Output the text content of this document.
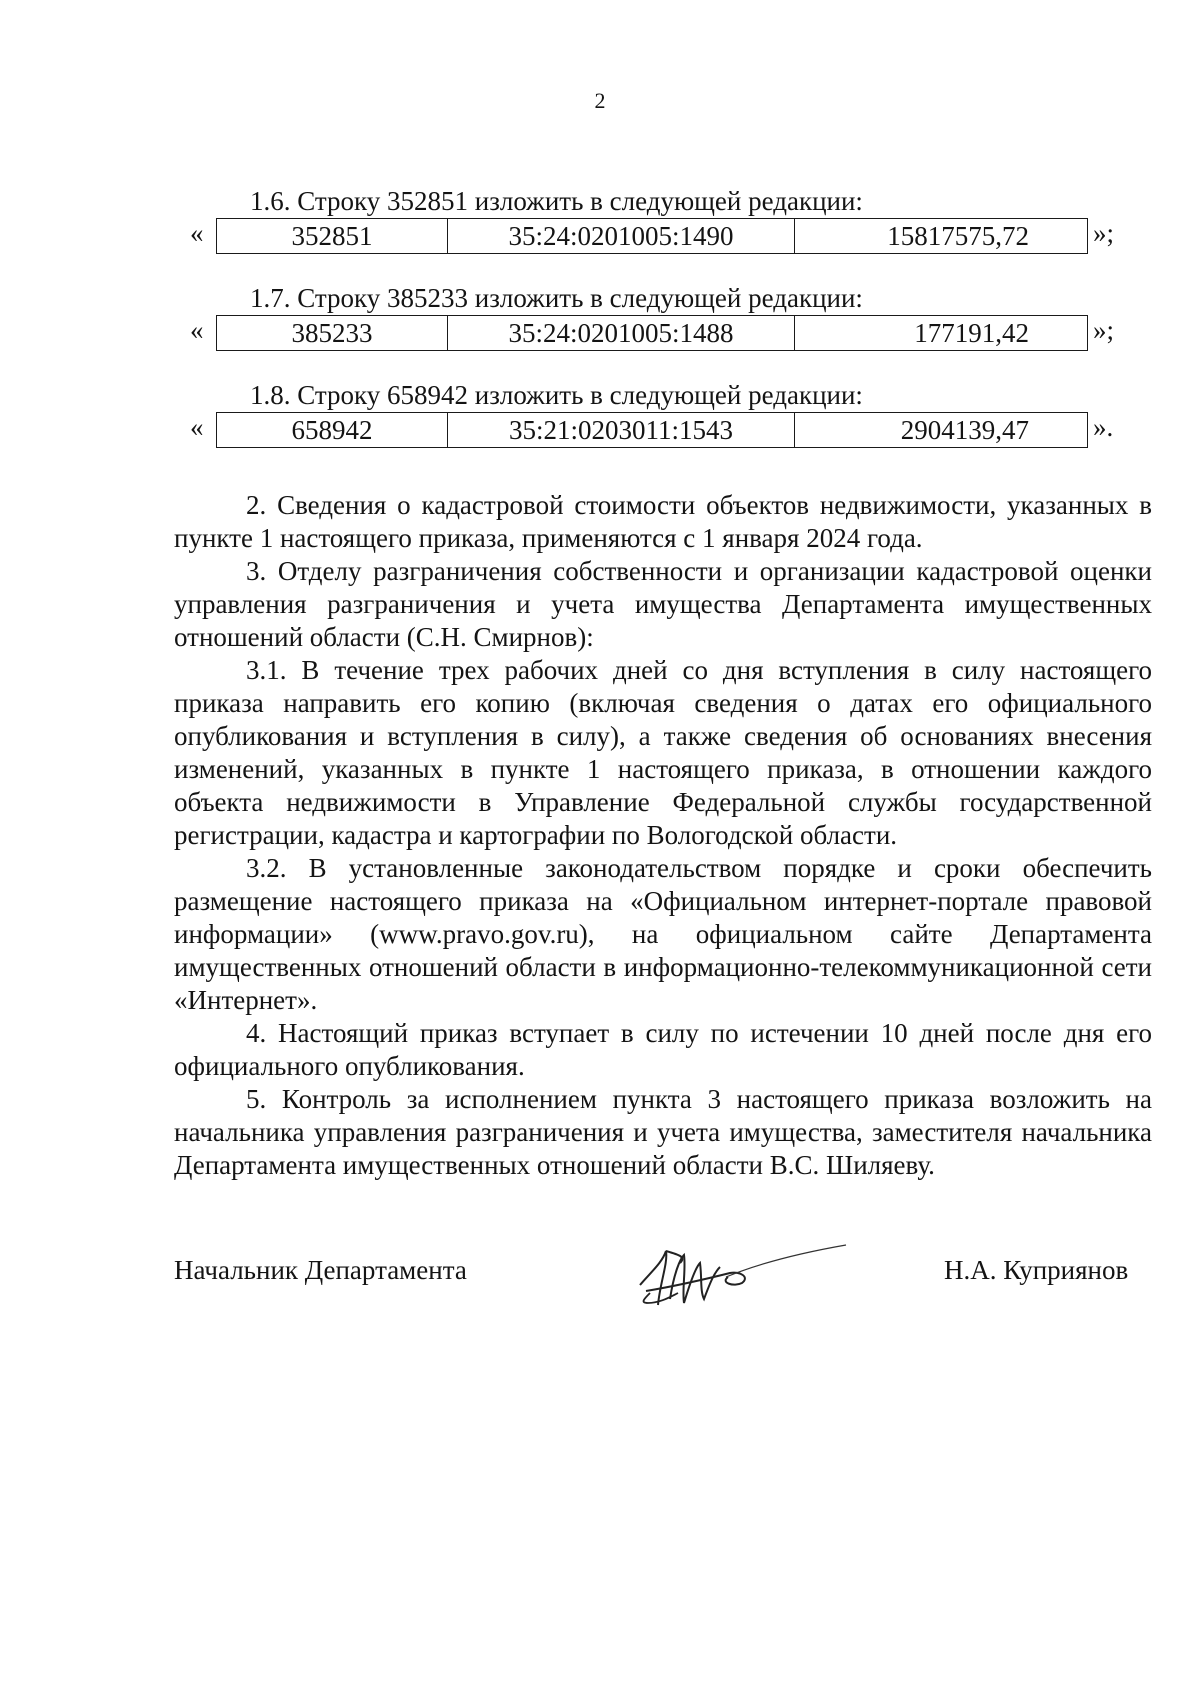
2
1.6. Строку 352851 изложить в следующей редакции:
«	352851	35:24:0201005:1490	15817575,72 »;
1.7. Строку 385233 изложить в следующей редакции:
«	385233	35:24:0201005:1488	177191,42 »;
1.8. Строку 658942 изложить в следующей редакции:
«	658942	35:21:0203011:1543	2904139,47 ».

2. Сведения о кадастровой стоимости объектов недвижимости, указанных в пункте 1 настоящего приказа, применяются с 1 января 2024 года.

3. Отделу разграничения собственности и организации кадастровой оценки управления разграничения и учета имущества Департамента имущественных отношений области (С.Н. Смирнов):

3.1. В течение трех рабочих дней со дня вступления в силу настоящего приказа направить его копию (включая сведения о датах его официального опубликования и вступления в силу), а также сведения об основаниях внесения изменений, указанных в пункте 1 настоящего приказа, в отношении каждого объекта недвижимости в Управление Федеральной службы государственной регистрации, кадастра и картографии по Вологодской области.

3.2. В установленные законодательством порядке и сроки обеспечить размещение настоящего приказа на «Официальном интернет-портале правовой информации» (www.pravo.gov.ru), на официальном сайте Департамента имущественных отношений области в информационно-телекоммуникационной сети «Интернет».

4. Настоящий приказ вступает в силу по истечении 10 дней после дня его официального опубликования.

5. Контроль за исполнением пункта 3 настоящего приказа возложить на начальника управления разграничения и учета имущества, заместителя начальника Департамента имущественных отношений области В.С. Шиляеву.

Начальник Департамента	Н.А. Куприянов
